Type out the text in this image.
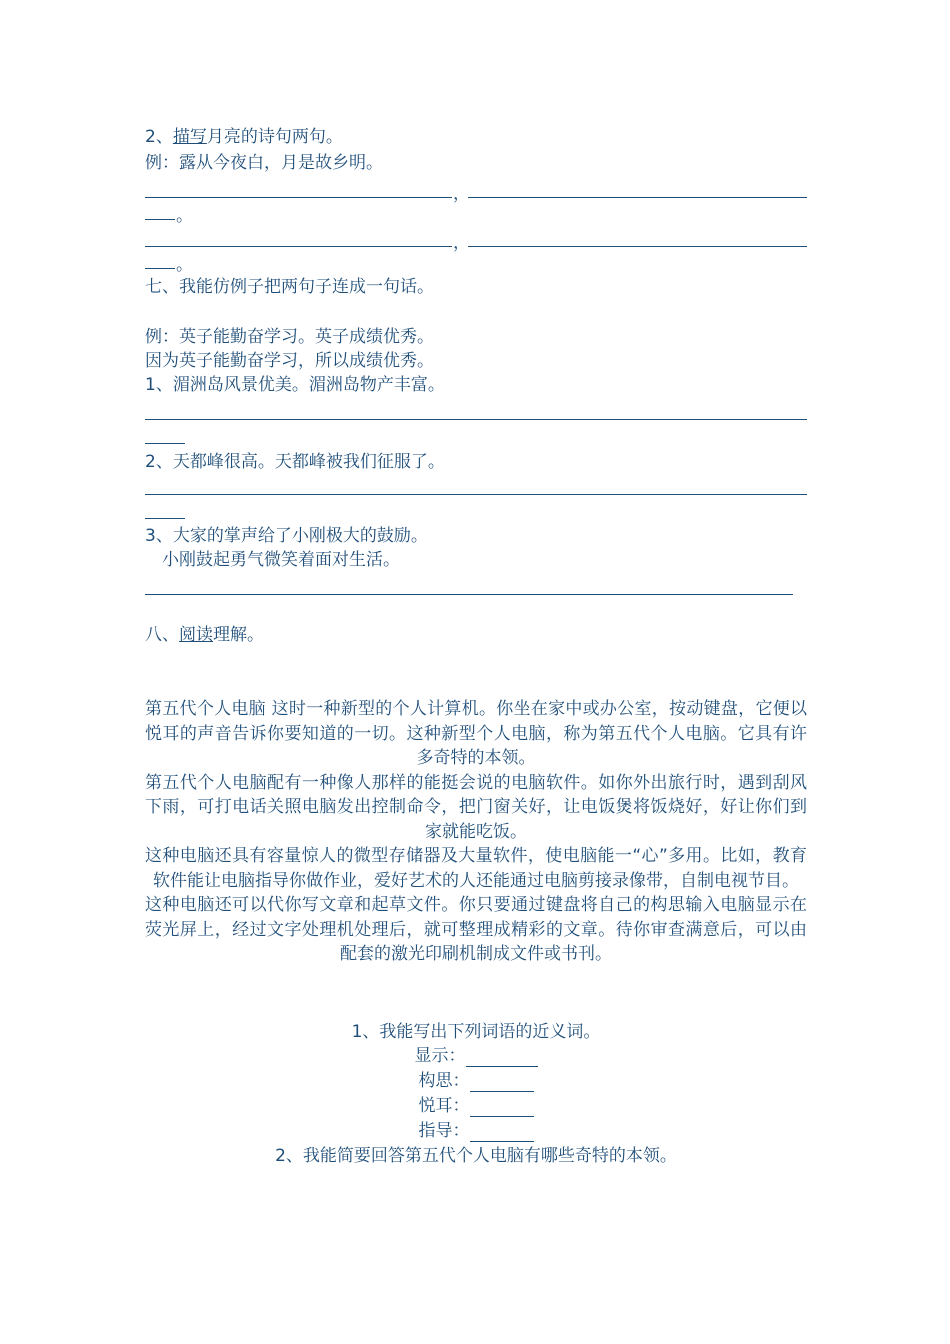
2、描写月亮的诗句两句。
例：露从今夜白，月是故乡明。
，
。
，
。
七、我能仿例子把两句子连成一句话。
例：英子能勤奋学习。英子成绩优秀。
因为英子能勤奋学习，所以成绩优秀。
1、湄洲岛风景优美。湄洲岛物产丰富。
2、天都峰很高。天都峰被我们征服了。
3、大家的掌声给了小刚极大的鼓励。
小刚鼓起勇气微笑着面对生活。
八、阅读理解。

第五代个人电脑 这时一种新型的个人计算机。你坐在家中或办公室，按动键盘，它便以悦耳的声音告诉你要知道的一切。这种新型个人电脑，称为第五代个人电脑。它具有许多奇特的本领。

第五代个人电脑配有一种像人那样的能挺会说的电脑软件。如你外出旅行时，遇到刮风下雨，可打电话关照电脑发出控制命令，把门窗关好，让电饭煲将饭烧好，好让你们到家就能吃饭。

这种电脑还具有容量惊人的微型存储器及大量软件，使电脑能一“心”多用。比如，教育软件能让电脑指导你做作业，爱好艺术的人还能通过电脑剪接录像带，自制电视节目。

这种电脑还可以代你写文章和起草文件。你只要通过键盘将自己的构思输入电脑显示在荧光屏上，经过文字处理机处理后，就可整理成精彩的文章。待你审查满意后，可以由配套的激光印刷机制成文件或书刊。

1、我能写出下列词语的近义词。
显示：
构思：
悦耳：
指导：
2、我能简要回答第五代个人电脑有哪些奇特的本领。
